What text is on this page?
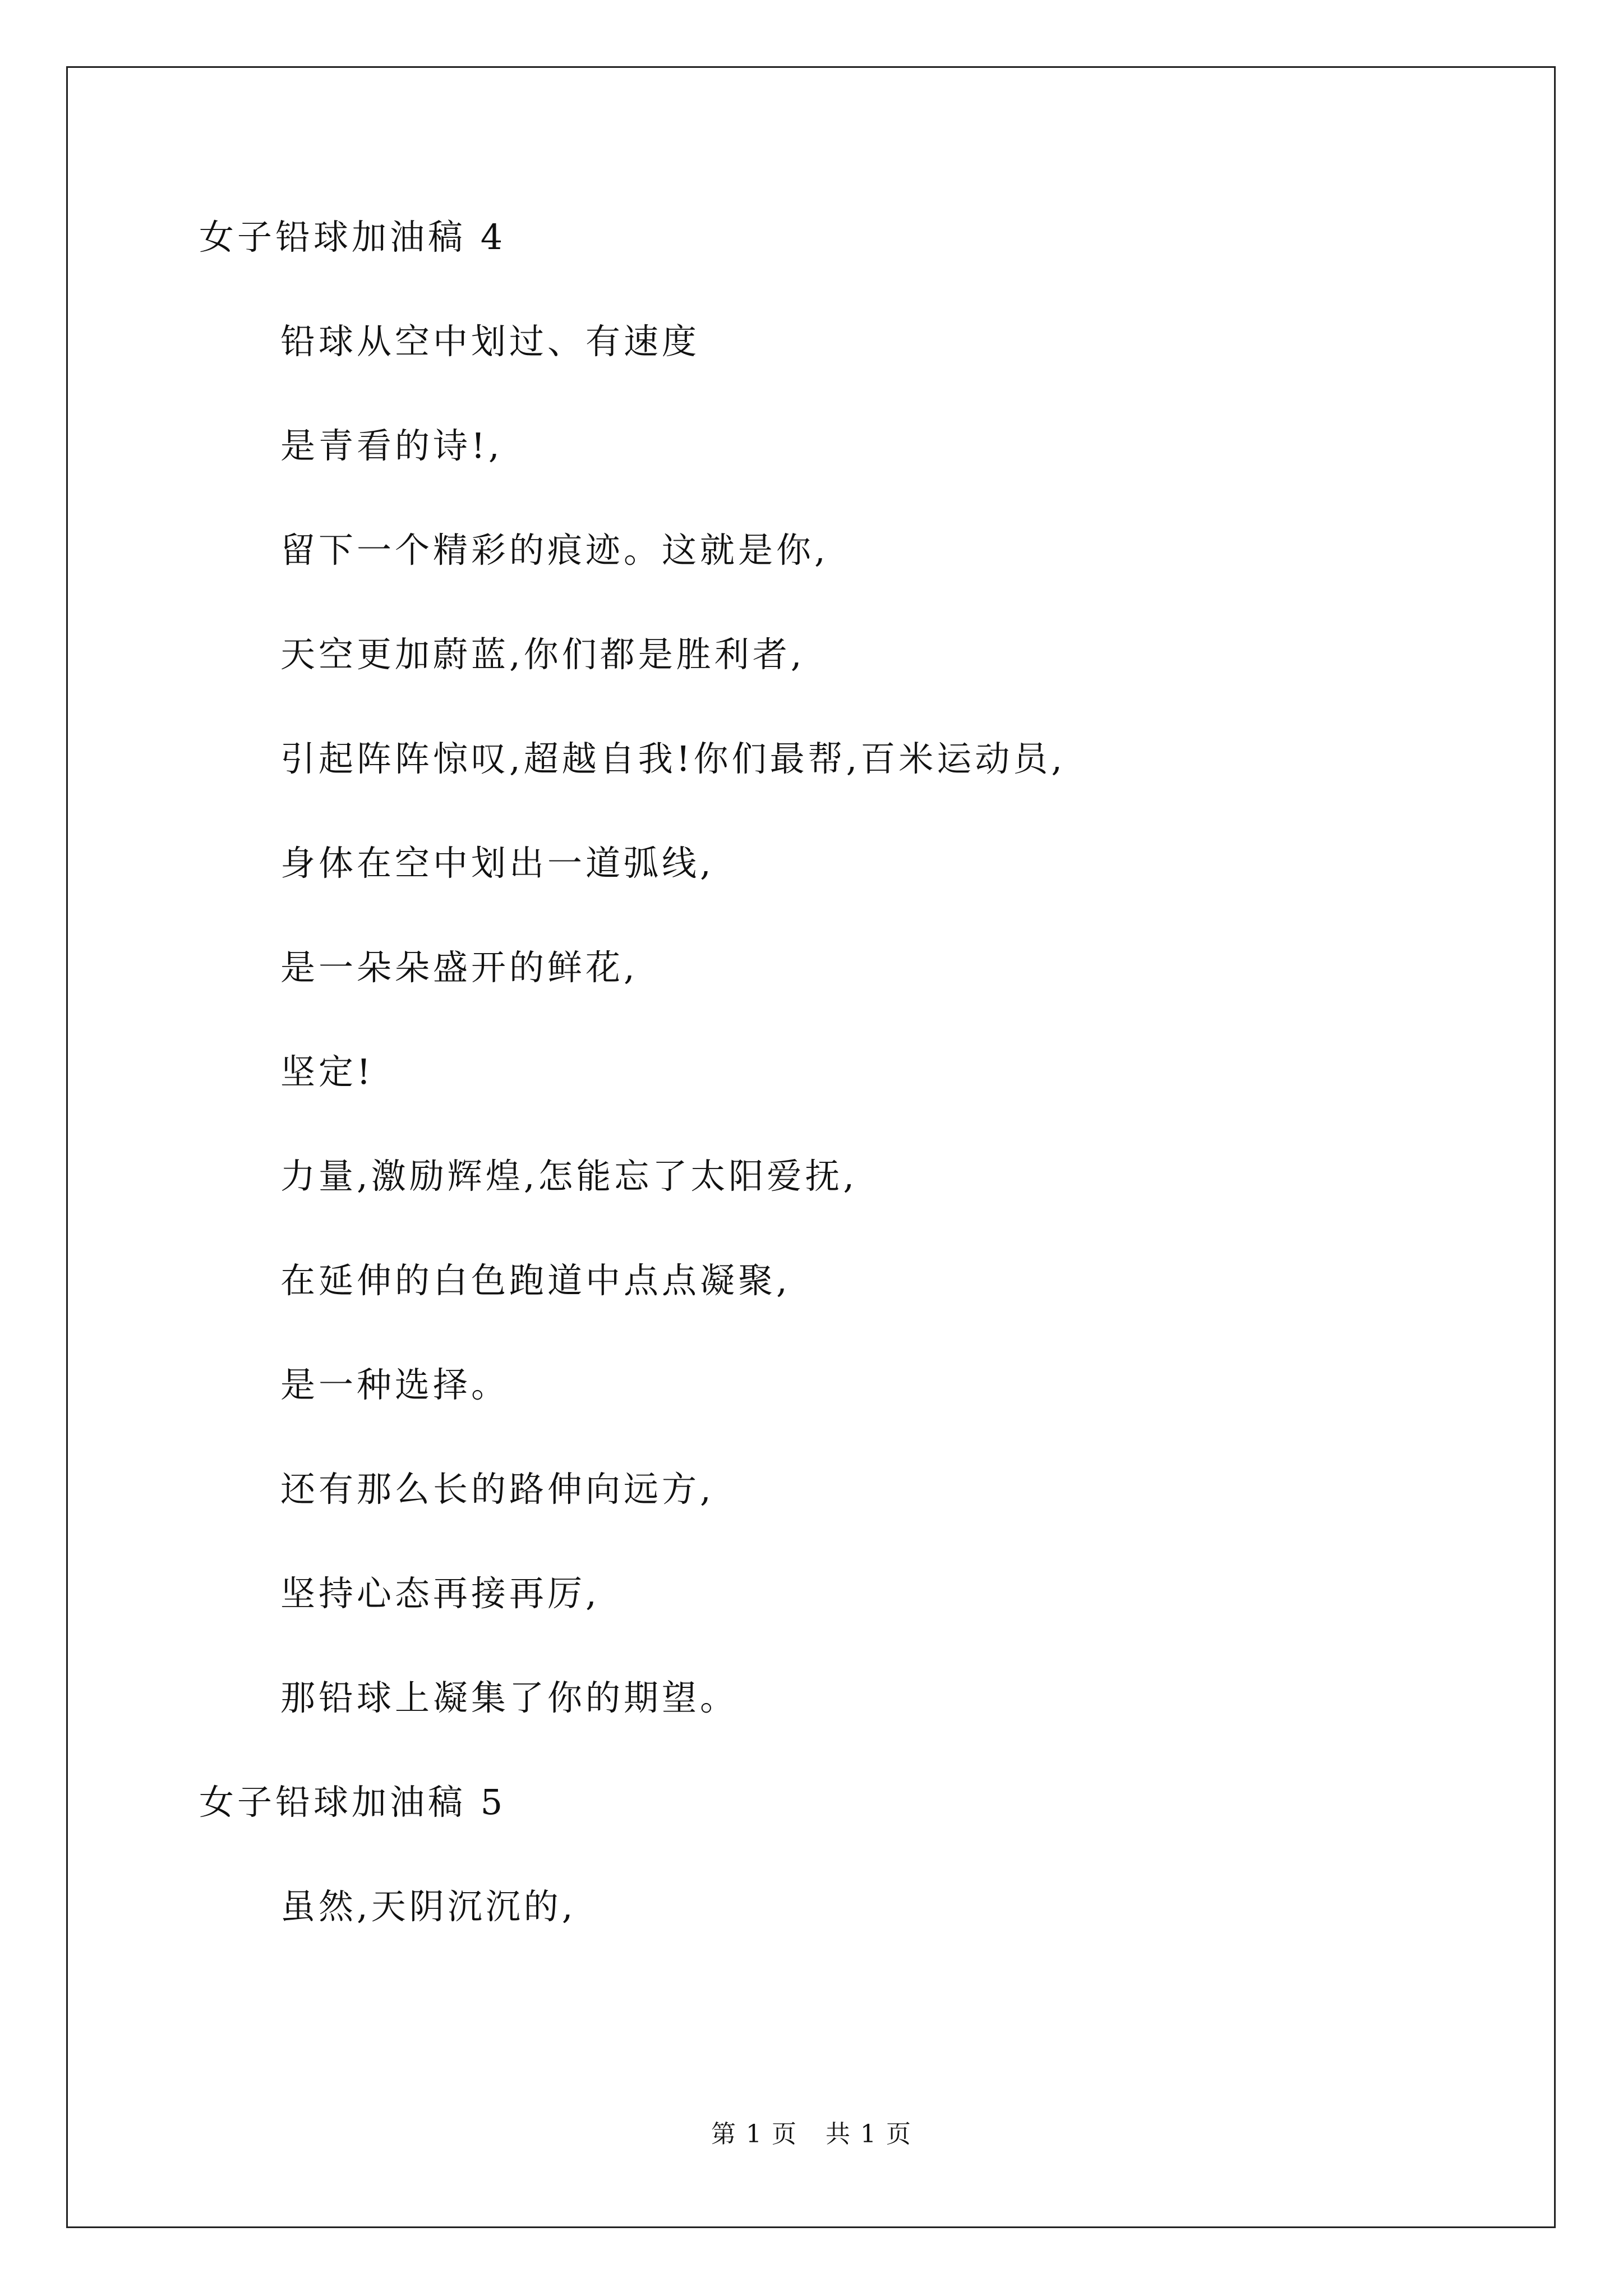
女子铅球加油稿 4
铅球从空中划过、有速度
是青看的诗!,
留下一个精彩的痕迹。这就是你,
天空更加蔚蓝,你们都是胜利者,
引起阵阵惊叹,超越自我!你们最帮,百米运动员,
身体在空中划出一道弧线,
是一朵朵盛开的鲜花,
坚定!
力量,激励辉煌,怎能忘了太阳爱抚,
在延伸的白色跑道中点点凝聚,
是一种选择。
还有那么长的路伸向远方,
坚持心态再接再厉,
那铅球上凝集了你的期望。
女子铅球加油稿 5
虽然,天阴沉沉的,
第 1 页 共 1 页
